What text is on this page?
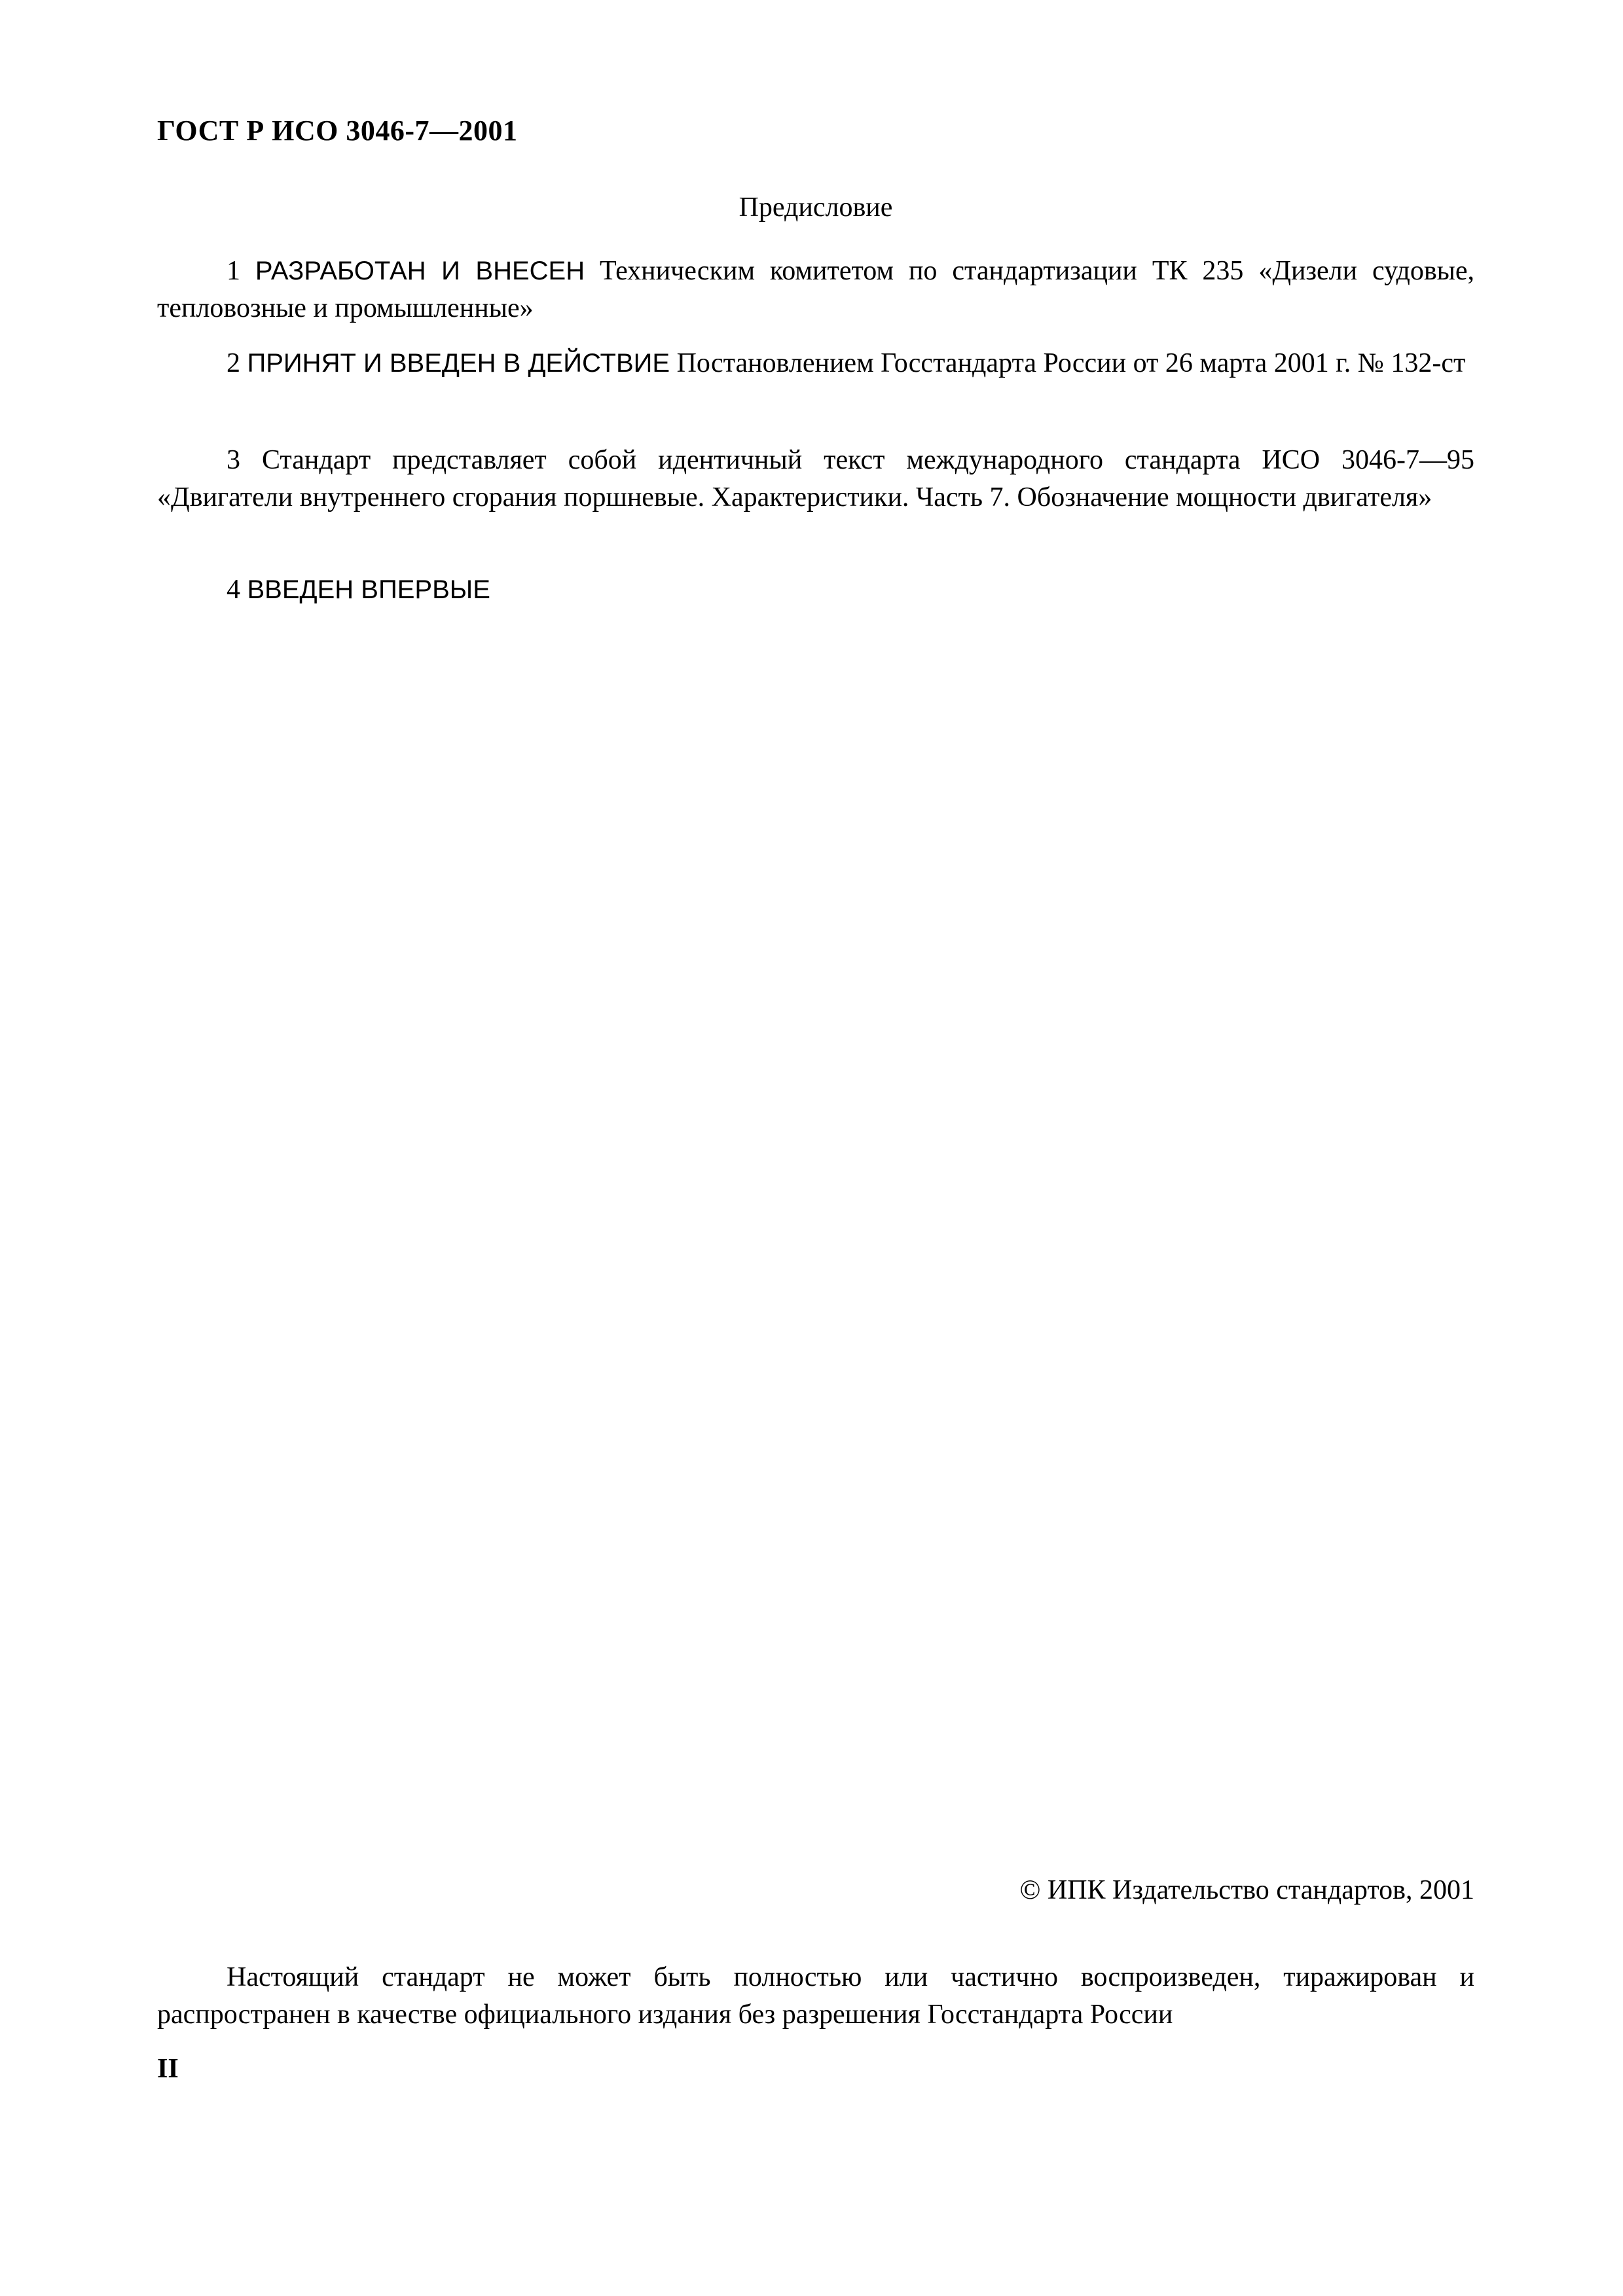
ГОСТ Р ИСО 3046-7—2001

Предисловие

1 РАЗРАБОТАН И ВНЕСЕН Техническим комитетом по стандартизации ТК 235 «Дизели судовые, тепловозные и промышленные»

2 ПРИНЯТ И ВВЕДЕН В ДЕЙСТВИЕ Постановлением Госстандарта России от 26 марта 2001 г. № 132-ст

3 Стандарт представляет собой идентичный текст международного стандарта ИСО 3046-7—95 «Двигатели внутреннего сгорания поршневые. Характеристики. Часть 7. Обозначение мощности двигателя»

4 ВВЕДЕН ВПЕРВЫЕ

© ИПК Издательство стандартов, 2001

Настоящий стандарт не может быть полностью или частично воспроизведен, тиражирован и распространен в качестве официального издания без разрешения Госстандарта России

II
